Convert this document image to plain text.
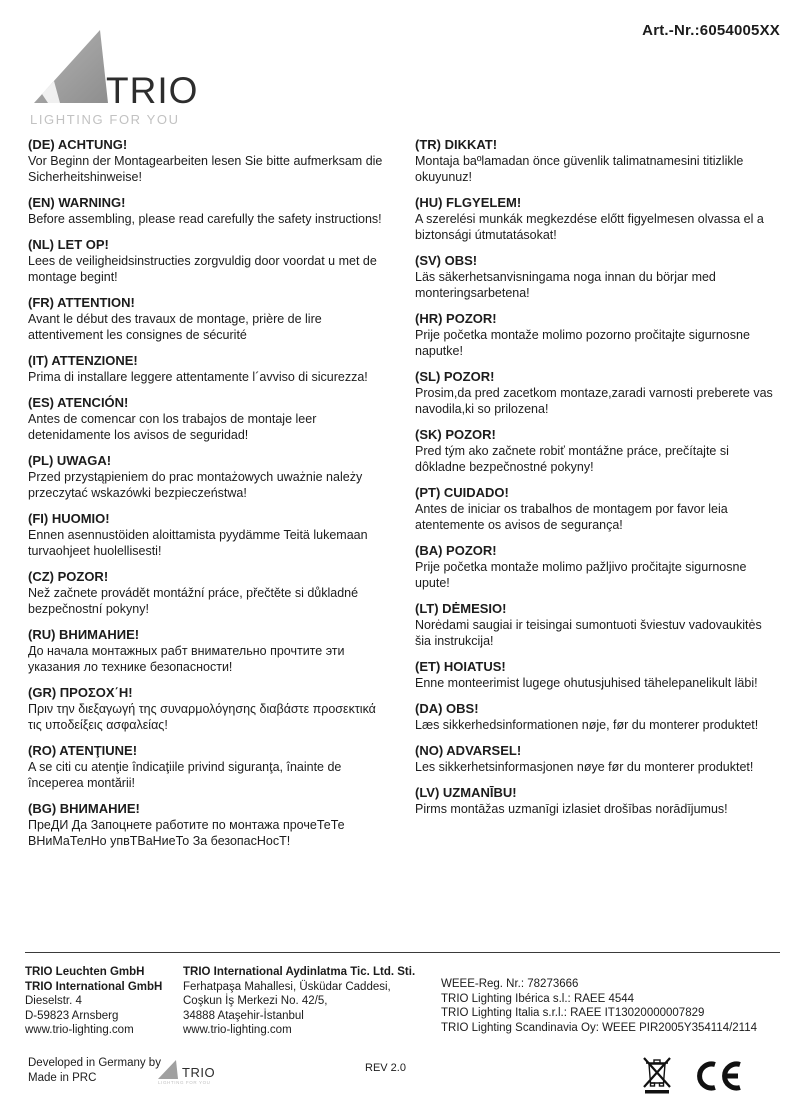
Art.-Nr.:6054005XX
TRIO
LIGHTING FOR YOU
(DE) ACHTUNG!
Vor Beginn der Montagearbeiten lesen Sie bitte aufmerksam die Sicherheitshinweise!
(EN) WARNING!
Before assembling, please read carefully the safety instructions!
(NL) LET OP!
Lees de veiligheidsinstructies zorgvuldig door voordat u met de montage begint!
(FR) ATTENTION!
Avant le début des travaux de montage, prière de lire attentivement les consignes de sécurité
(IT) ATTENZIONE!
Prima di installare leggere attentamente l´avviso di sicurezza!
(ES) ATENCIÓN!
Antes de comencar con los trabajos de montaje leer detenidamente los avisos de seguridad!
(PL) UWAGA!
Przed przystąpieniem do prac montażowych uważnie należy przeczytać wskazówki bezpieczeństwa!
(FI) HUOMIO!
Ennen asennustöiden aloittamista pyydämme Teitä lukemaan turvaohjeet huolellisesti!
(CZ) POZOR!
Než začnete provádět montážní práce, přečtěte si důkladné bezpečnostní pokyny!
(RU) ВНИМАНИЕ!
До начала монтажных рабт внимательно прочтите эти указания ло технике безопасности!
(GR) ΠΡΟΣΟΧ΄Η!
Πριν την διεξαγωγή της συναρμολόγησης διαβάστε προσεκτικά τις υποδείξεις ασφαλείας!
(RO) ATENŢIUNE!
A se citi cu atenţie îndicaţiile privind siguranţa, înainte de începerea montării!
(BG) ВНИМАНИЕ!
ПреДИ Да Запоцнете работите по монтажа прочеТеТе ВНиМаТелНо упвТВаНиеТо За безопасНосТ!
(TR) DIKKAT!
Montaja baºlamadan önce güvenlik talimatnamesini titizlikle okuyunuz!
(HU) FLGYELEM!
A szerelési munkák megkezdése előtt figyelmesen olvassa el a biztonsági útmutatásokat!
(SV) OBS!
Läs säkerhetsanvisningama noga innan du börjar med monteringsarbetena!
(HR) POZOR!
Prije početka montaže molimo pozorno pročitajte sigurnosne naputke!
(SL) POZOR!
Prosim,da pred zacetkom montaze,zaradi varnosti preberete vas navodila,ki so prilozena!
(SK) POZOR!
Pred tým ako začnete robiť montážne práce, prečítajte si dôkladne bezpečnostné pokyny!
(PT) CUIDADO!
Antes de iniciar os trabalhos de montagem por favor leia atentemente os avisos de segurança!
(BA) POZOR!
Prije početka montaže molimo pažljivo pročitajte sigurnosne upute!
(LT) DĖMESIO!
Norėdami saugiai ir teisingai sumontuoti šviestuv vadovaukitės šia instrukcija!
(ET) HOIATUS!
Enne monteerimist lugege ohutusjuhised tähelepanelikult läbi!
(DA) OBS!
Læs sikkerhedsinformationen nøje, før du monterer produktet!
(NO) ADVARSEL!
Les sikkerhetsinformasjonen nøye før du monterer produktet!
(LV) UZMANĪBU!
Pirms montāžas uzmanīgi izlasiet drošības norādījumus!
TRIO Leuchten GmbH
TRIO International GmbH
Dieselstr. 4
D-59823 Arnsberg
www.trio-lighting.com
TRIO International Aydinlatma Tic. Ltd. Sti.
Ferhatpaşa Mahallesi, Üsküdar Caddesi,
Coşkun İş Merkezi No. 42/5,
34888 Ataşehir-İstanbul
www.trio-lighting.com
WEEE-Reg. Nr.: 78273666
TRIO Lighting Ibérica s.l.: RAEE 4544
TRIO Lighting Italia s.r.l.: RAEE IT13020000007829
TRIO Lighting Scandinavia Oy: WEEE PIR2005Y354114/2114
Developed in Germany by
Made in PRC	TRIO
LIGHTING FOR YOU
REV 2.0
